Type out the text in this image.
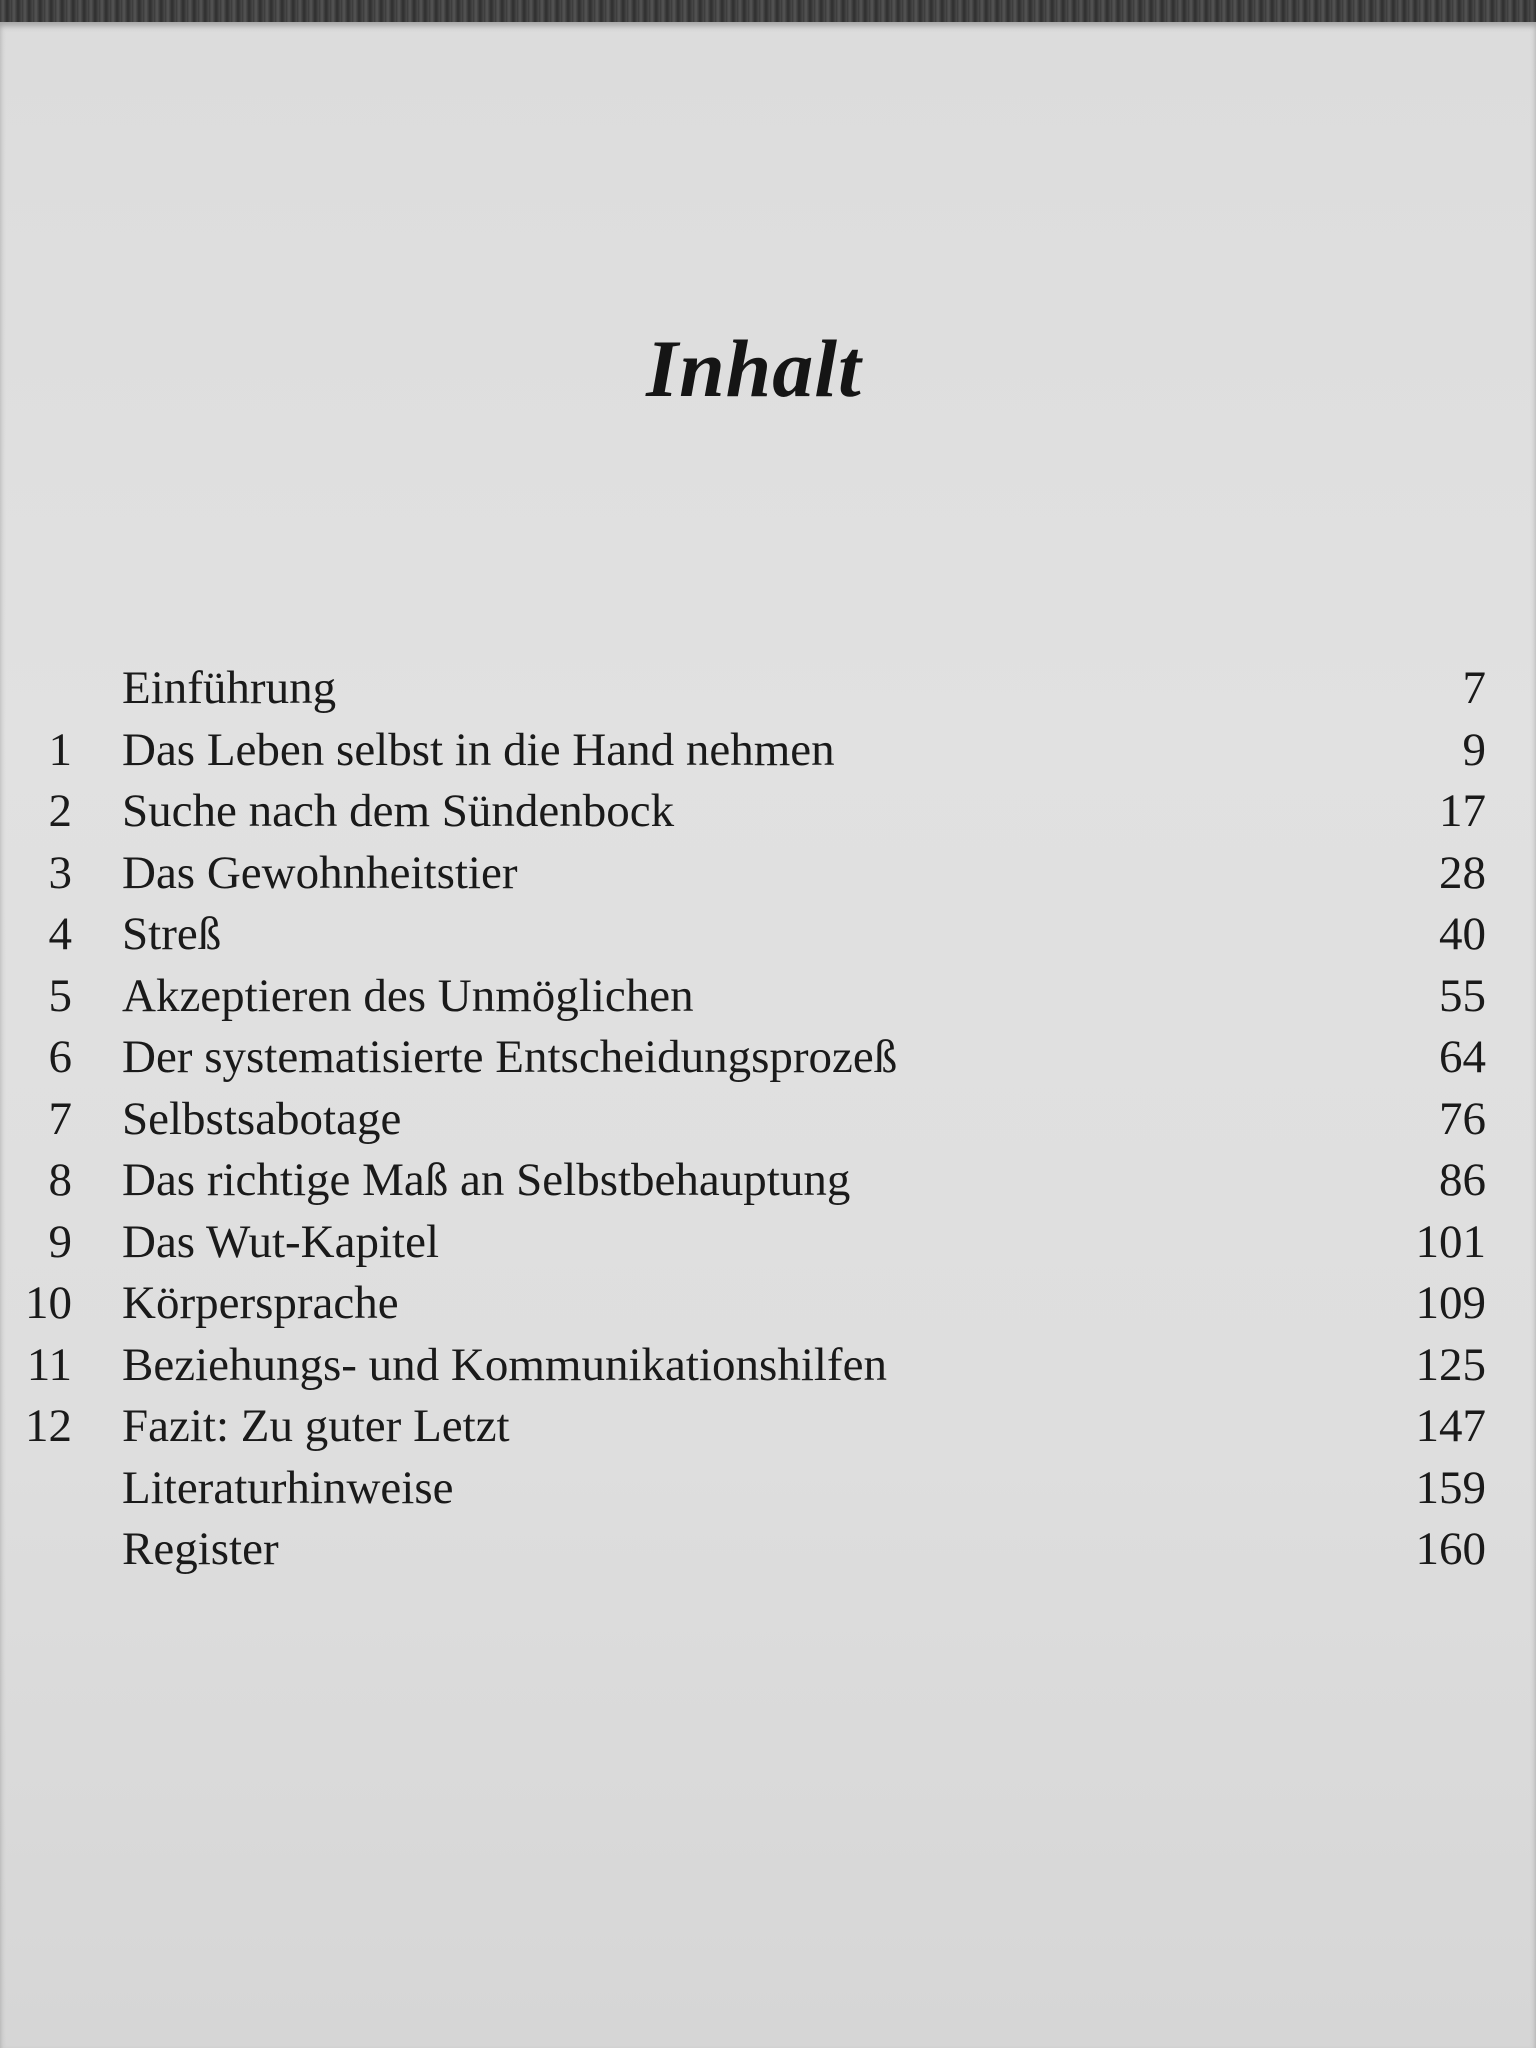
Inhalt
Einführung	7
1 Das Leben selbst in die Hand nehmen	9
2 Suche nach dem Sündenbock	17
3 Das Gewohnheitstier	28
4 Streß	40
5 Akzeptieren des Unmöglichen	55
6 Der systematisierte Entscheidungsprozeß	64
7 Selbstsabotage	76
8 Das richtige Maß an Selbstbehauptung	86
9 Das Wut-Kapitel	101
10 Körpersprache	109
11 Beziehungs- und Kommunikationshilfen	125
12 Fazit: Zu guter Letzt	147
Literaturhinweise	159
Register	160
